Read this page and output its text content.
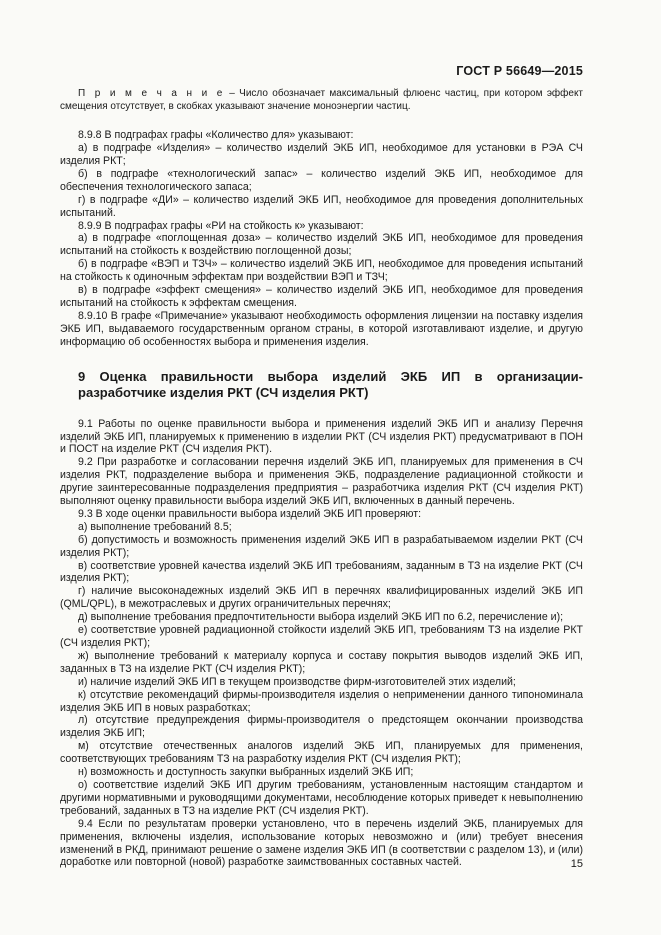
ГОСТ Р 56649—2015

П р и м е ч а н и е – Число обозначает максимальный флюенс частиц, при котором эффект смещения отсутствует, в скобках указывают значение моноэнергии частиц.

8.9.8 В подграфах графы «Количество для» указывают:

а) в подграфе «Изделия» – количество изделий ЭКБ ИП, необходимое для установки в РЭА СЧ изделия РКТ;

б) в подграфе «технологический запас» – количество изделий ЭКБ ИП, необходимое для обеспечения технологического запаса;

г) в подграфе «ДИ» – количество изделий ЭКБ ИП, необходимое для проведения дополнительных испытаний.

8.9.9 В подграфах графы «РИ на стойкость к» указывают:

а) в подграфе «поглощенная доза» – количество изделий ЭКБ ИП, необходимое для проведения испытаний на стойкость к воздействию поглощенной дозы;

б) в подграфе «ВЭП и ТЗЧ» – количество изделий ЭКБ ИП, необходимое для проведения испытаний на стойкость к одиночным эффектам при воздействии ВЭП и ТЗЧ;

в) в подграфе «эффект смещения» – количество изделий ЭКБ ИП, необходимое для проведения испытаний на стойкость к эффектам смещения.

8.9.10 В графе «Примечание» указывают необходимость оформления лицензии на поставку изделия ЭКБ ИП, выдаваемого государственным органом страны, в которой изготавливают изделие, и другую информацию об особенностях выбора и применения изделия.

9 Оценка правильности выбора изделий ЭКБ ИП в организации-разработчике изделия РКТ (СЧ изделия РКТ)

9.1 Работы по оценке правильности выбора и применения изделий ЭКБ ИП и анализу Перечня изделий ЭКБ ИП, планируемых к применению в изделии РКТ (СЧ изделия РКТ) предусматривают в ПОН и ПОСТ на изделие РКТ (СЧ изделия РКТ).

9.2 При разработке и согласовании перечня изделий ЭКБ ИП, планируемых для применения в СЧ изделия РКТ, подразделение выбора и применения ЭКБ, подразделение радиационной стойкости и другие заинтересованные подразделения предприятия – разработчика изделия РКТ (СЧ изделия РКТ) выполняют оценку правильности выбора изделий ЭКБ ИП, включенных в данный перечень.

9.3 В ходе оценки правильности выбора изделий ЭКБ ИП проверяют:

а) выполнение требований 8.5;

б) допустимость и возможность применения изделий ЭКБ ИП в разрабатываемом изделии РКТ (СЧ изделия РКТ);

в) соответствие уровней качества изделий ЭКБ ИП требованиям, заданным в ТЗ на изделие РКТ (СЧ изделия РКТ);

г) наличие высоконадежных изделий ЭКБ ИП в перечнях квалифицированных изделий ЭКБ ИП (QML/QPL), в межотраслевых и других ограничительных перечнях;

д) выполнение требования предпочтительности выбора изделий ЭКБ ИП по 6.2, перечисление и);

е) соответствие уровней радиационной стойкости изделий ЭКБ ИП, требованиям ТЗ на изделие РКТ (СЧ изделия РКТ);

ж) выполнение требований к материалу корпуса и составу покрытия выводов изделий ЭКБ ИП, заданных в ТЗ на изделие РКТ (СЧ изделия РКТ);

и) наличие изделий ЭКБ ИП в текущем производстве фирм-изготовителей этих изделий;

к) отсутствие рекомендаций фирмы-производителя изделия о неприменении данного типономинала изделия ЭКБ ИП в новых разработках;

л) отсутствие предупреждения фирмы-производителя о предстоящем окончании производства изделия ЭКБ ИП;

м) отсутствие отечественных аналогов изделий ЭКБ ИП, планируемых для применения, соответствующих требованиям ТЗ на разработку изделия РКТ (СЧ изделия РКТ);

н) возможность и доступность закупки выбранных изделий ЭКБ ИП;

о) соответствие изделий ЭКБ ИП другим требованиям, установленным настоящим стандартом и другими нормативными и руководящими документами, несоблюдение которых приведет к невыполнению требований, заданных в ТЗ на изделие РКТ (СЧ изделия РКТ).

9.4 Если по результатам проверки установлено, что в перечень изделий ЭКБ, планируемых для применения, включены изделия, использование которых невозможно и (или) требует внесения изменений в РКД, принимают решение о замене изделия ЭКБ ИП (в соответствии с разделом 13), и (или) доработке или повторной (новой) разработке заимствованных составных частей.	15
